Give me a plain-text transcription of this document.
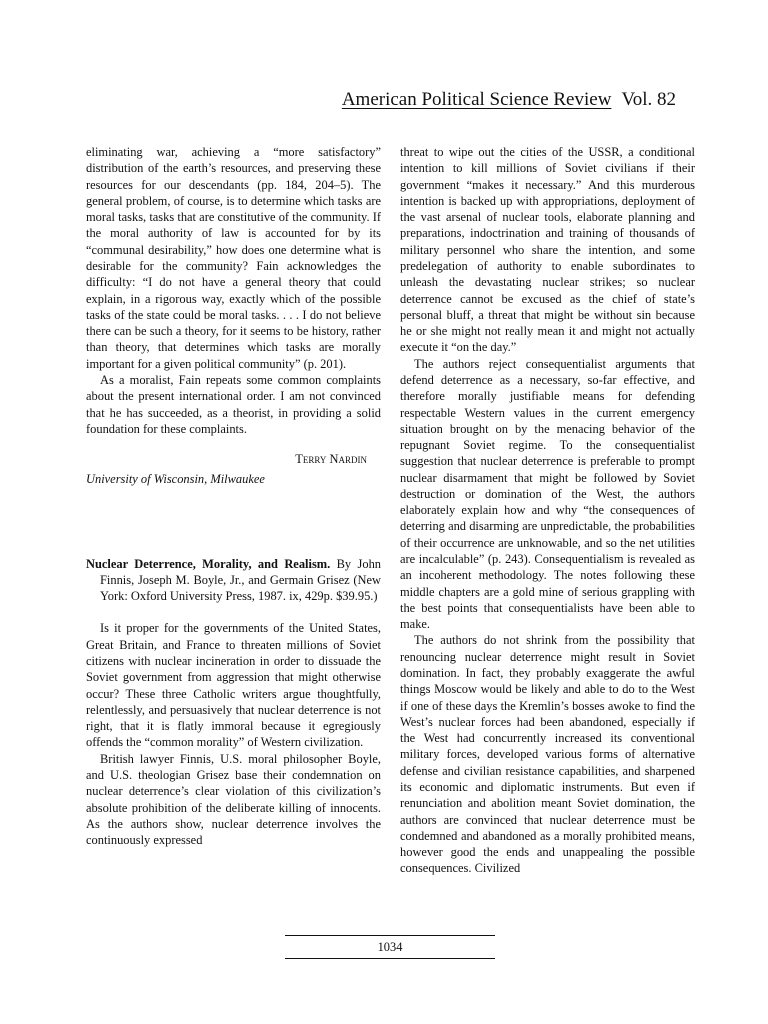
American Political Science Review Vol. 82

eliminating war, achieving a “more satisfactory” distribution of the earth’s resources, and preserving these resources for our descendants (pp. 184, 204–5). The general problem, of course, is to determine which tasks are moral tasks, tasks that are constitutive of the community. If the moral authority of law is accounted for by its “communal desirability,” how does one determine what is desirable for the community? Fain acknowledges the difficulty: “I do not have a general theory that could explain, in a rigorous way, exactly which of the possible tasks of the state could be moral tasks. . . . I do not believe there can be such a theory, for it seems to be history, rather than theory, that determines which tasks are morally important for a given political community” (p. 201).

As a moralist, Fain repeats some common complaints about the present international order. I am not convinced that he has succeeded, as a theorist, in providing a solid foundation for these complaints.

Terry Nardin
University of Wisconsin, Milwaukee
Nuclear Deterrence, Morality, and Realism. By John Finnis, Joseph M. Boyle, Jr., and Germain Grisez (New York: Oxford University Press, 1987. ix, 429p. $39.95.)

Is it proper for the governments of the United States, Great Britain, and France to threaten millions of Soviet citizens with nuclear incineration in order to dissuade the Soviet government from aggression that might otherwise occur? These three Catholic writers argue thoughtfully, relentlessly, and persuasively that nuclear deterrence is not right, that it is flatly immoral because it egregiously offends the “common morality” of Western civilization.

British lawyer Finnis, U.S. moral philosopher Boyle, and U.S. theologian Grisez base their condemnation on nuclear deterrence’s clear violation of this civilization’s absolute prohibition of the deliberate killing of innocents. As the authors show, nuclear deterrence involves the continuously expressed

threat to wipe out the cities of the USSR, a conditional intention to kill millions of Soviet civilians if their government “makes it necessary.” And this murderous intention is backed up with appropriations, deployment of the vast arsenal of nuclear tools, elaborate planning and preparations, indoctrination and training of thousands of military personnel who share the intention, and some predelegation of authority to enable subordinates to unleash the devastating nuclear strikes; so nuclear deterrence cannot be excused as the chief of state’s personal bluff, a threat that might be without sin because he or she might not really mean it and might not actually execute it “on the day.”

The authors reject consequentialist arguments that defend deterrence as a necessary, so-far effective, and therefore morally justifiable means for defending respectable Western values in the current emergency situation brought on by the menacing behavior of the repugnant Soviet regime. To the consequentialist suggestion that nuclear deterrence is preferable to prompt nuclear disarmament that might be followed by Soviet destruction or domination of the West, the authors elaborately explain how and why “the consequences of deterring and disarming are unpredictable, the probabilities of their occurrence are unknowable, and so the net utilities are incalculable” (p. 243). Consequentialism is revealed as an incoherent methodology. The notes following these middle chapters are a gold mine of serious grappling with the best points that consequentialists have been able to make.

The authors do not shrink from the possibility that renouncing nuclear deterrence might result in Soviet domination. In fact, they probably exaggerate the awful things Moscow would be likely and able to do to the West if one of these days the Kremlin’s bosses awoke to find the West’s nuclear forces had been abandoned, especially if the West had concurrently increased its conventional military forces, developed various forms of alternative defense and civilian resistance capabilities, and sharpened its economic and diplomatic instruments. But even if renunciation and abolition meant Soviet domination, the authors are convinced that nuclear deterrence must be condemned and abandoned as a morally prohibited means, however good the ends and unappealing the possible consequences. Civilized

1034
